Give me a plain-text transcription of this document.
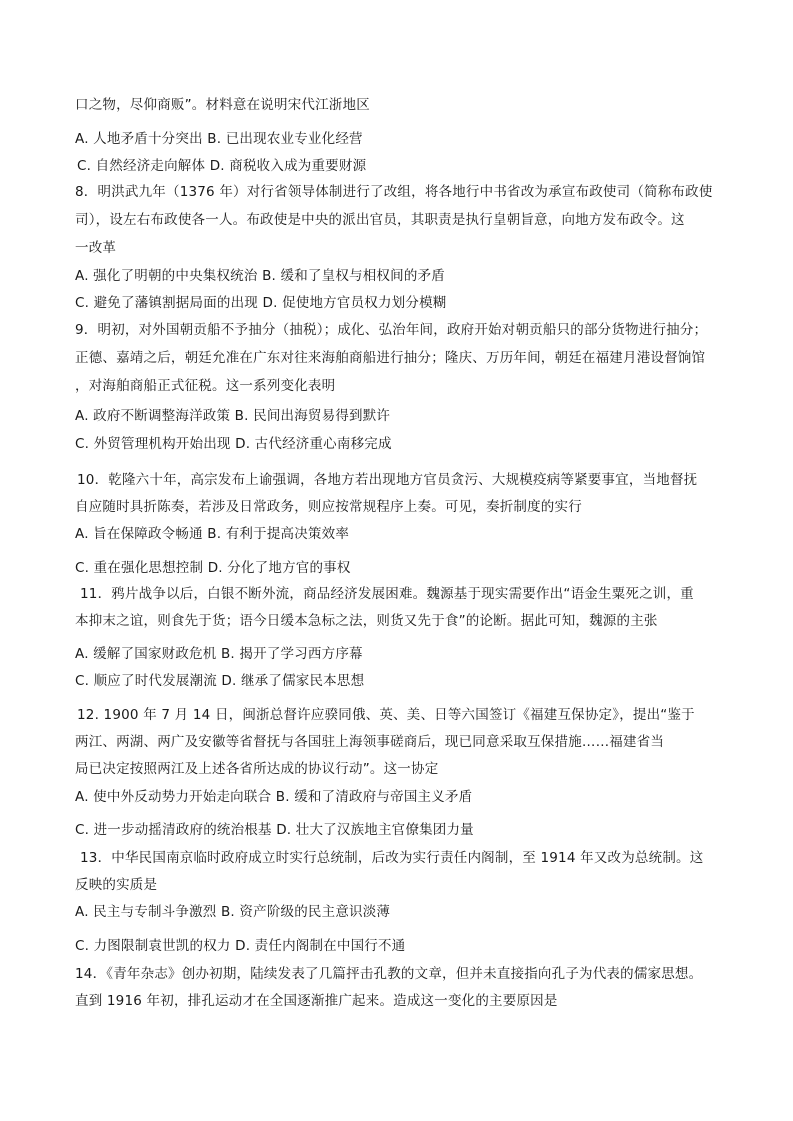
口之物，尽仰商贩”。材料意在说明宋代江浙地区
A. 人地矛盾十分突出 B. 已出现农业专业化经营
C. 自然经济走向解体 D. 商税收入成为重要财源
8．明洪武九年（1376 年）对行省领导体制进行了改组，将各地行中书省改为承宣布政使司（简称布政使
司），设左右布政使各一人。布政使是中央的派出官员，其职责是执行皇朝旨意，向地方发布政令。这
一改革
A. 强化了明朝的中央集权统治 B. 缓和了皇权与相权间的矛盾
C. 避免了藩镇割据局面的出现 D. 促使地方官员权力划分模糊
9．明初，对外国朝贡船不予抽分（抽税）；成化、弘治年间，政府开始对朝贡船只的部分货物进行抽分；
正德、嘉靖之后，朝廷允准在广东对往来海舶商船进行抽分；隆庆、万历年间，朝廷在福建月港设督饷馆
，对海舶商船正式征税。这一系列变化表明
A. 政府不断调整海洋政策 B. 民间出海贸易得到默许
C. 外贸管理机构开始出现 D. 古代经济重心南移完成
10．乾隆六十年，高宗发布上谕强调，各地方若出现地方官员贪污、大规模疫病等紧要事宜，当地督抚
自应随时具折陈奏，若涉及日常政务，则应按常规程序上奏。可见，奏折制度的实行
A. 旨在保障政令畅通 B. 有利于提高决策效率
C. 重在强化思想控制 D. 分化了地方官的事权
11．鸦片战争以后，白银不断外流，商品经济发展困难。魏源基于现实需要作出“语金生粟死之训，重
本抑末之谊，则食先于货；语今日缓本急标之法，则货又先于食”的论断。据此可知，魏源的主张
A. 缓解了国家财政危机 B. 揭开了学习西方序幕
C. 顺应了时代发展潮流 D. 继承了儒家民本思想
12. 1900 年 7 月 14 日，闽浙总督许应骙同俄、英、美、日等六国签订《福建互保协定》，提出“鉴于
两江、两湖、两广及安徽等省督抚与各国驻上海领事磋商后，现已同意采取互保措施……福建省当
局已决定按照两江及上述各省所达成的协议行动”。这一协定
A. 使中外反动势力开始走向联合 B. 缓和了清政府与帝国主义矛盾
C. 进一步动摇清政府的统治根基 D. 壮大了汉族地主官僚集团力量
13．中华民国南京临时政府成立时实行总统制，后改为实行责任内阁制，至 1914 年又改为总统制。这
反映的实质是
A. 民主与专制斗争激烈 B. 资产阶级的民主意识淡薄
C. 力图限制袁世凯的权力 D. 责任内阁制在中国行不通
14．《青年杂志》创办初期，陆续发表了几篇抨击孔教的文章，但并未直接指向孔子为代表的儒家思想。
直到 1916 年初，排孔运动才在全国逐渐推广起来。造成这一变化的主要原因是
